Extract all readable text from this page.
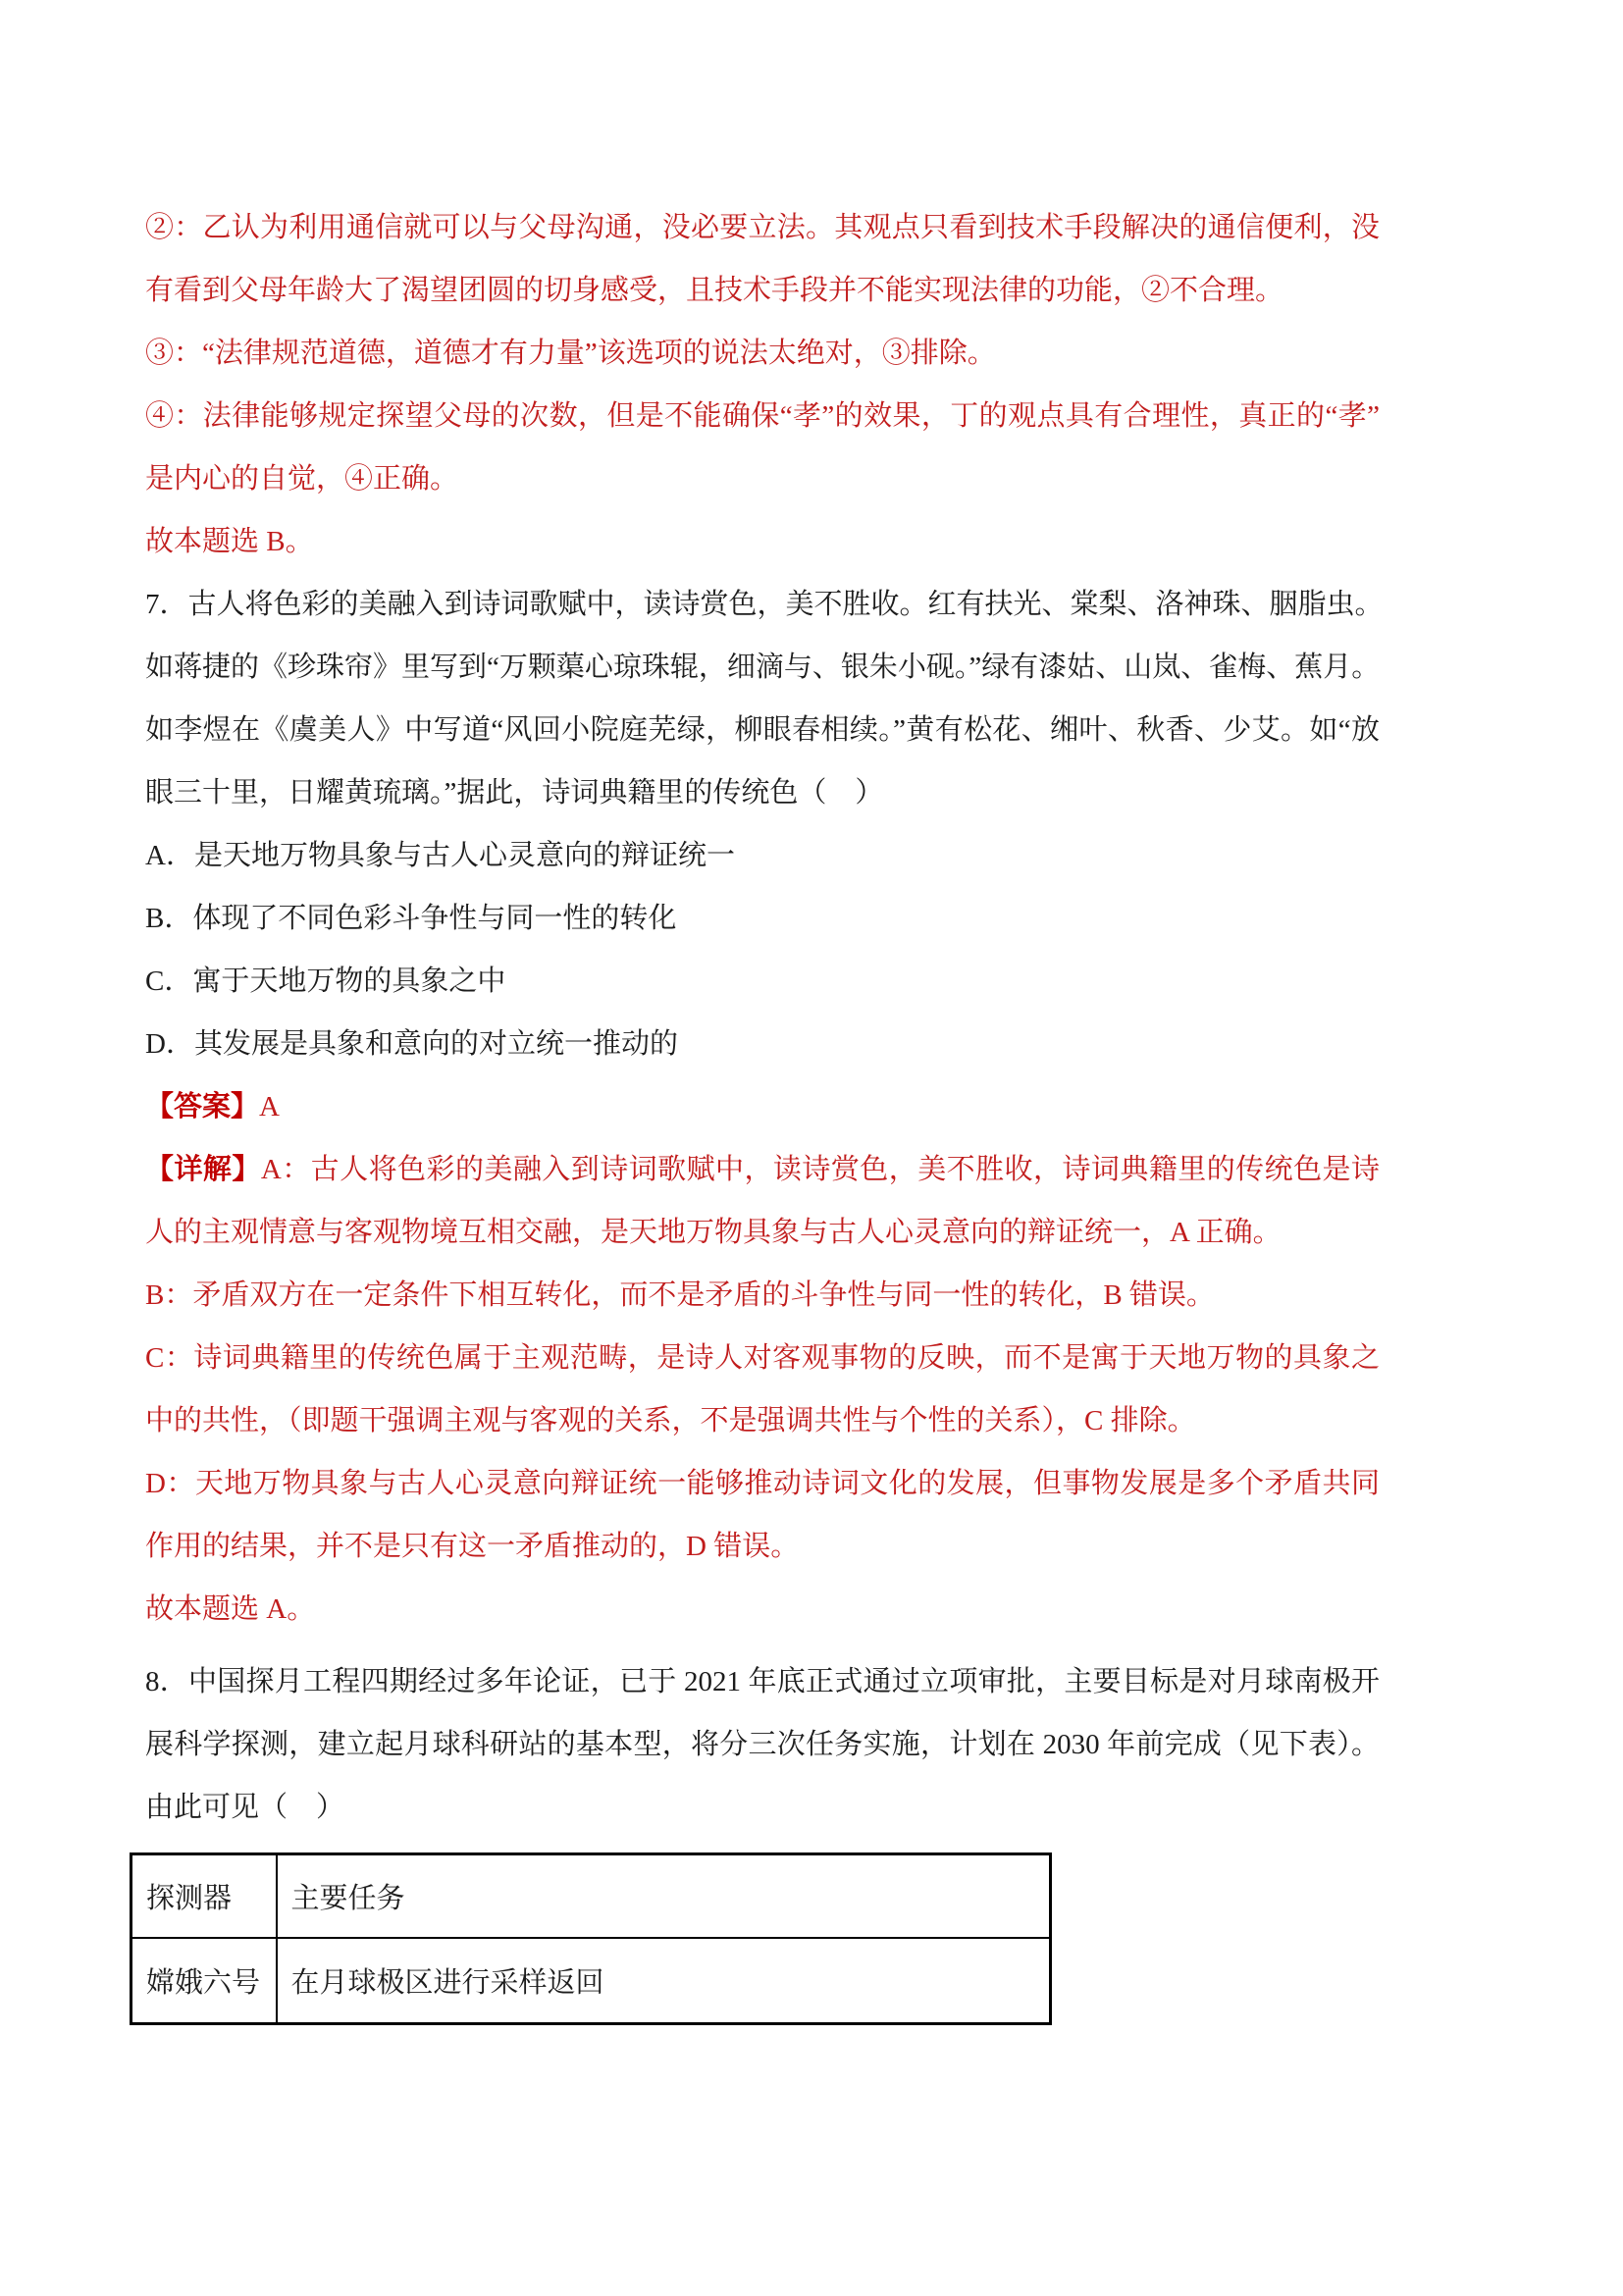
②：乙认为利用通信就可以与父母沟通，没必要立法。其观点只看到技术手段解决的通信便利，没
有看到父母年龄大了渴望团圆的切身感受，且技术手段并不能实现法律的功能，②不合理。
③：“法律规范道德，道德才有力量”该选项的说法太绝对，③排除。
④：法律能够规定探望父母的次数，但是不能确保“孝”的效果，丁的观点具有合理性，真正的“孝”
是内心的自觉，④正确。
故本题选 B。
7．古人将色彩的美融入到诗词歌赋中，读诗赏色，美不胜收。红有扶光、棠梨、洛神珠、胭脂虫。
如蒋捷的《珍珠帘》里写到“万颗蕖心琼珠辊，细滴与、银朱小砚。”绿有漆姑、山岚、雀梅、蕉月。
如李煜在《虞美人》中写道“风回小院庭芜绿，柳眼春相续。”黄有松花、缃叶、秋香、少艾。如“放
眼三十里，日耀黄琉璃。”据此，诗词典籍里的传统色（　）
A．是天地万物具象与古人心灵意向的辩证统一
B．体现了不同色彩斗争性与同一性的转化
C．寓于天地万物的具象之中
D．其发展是具象和意向的对立统一推动的
【答案】A
【详解】A：古人将色彩的美融入到诗词歌赋中，读诗赏色，美不胜收，诗词典籍里的传统色是诗
人的主观情意与客观物境互相交融，是天地万物具象与古人心灵意向的辩证统一，A 正确。
B：矛盾双方在一定条件下相互转化，而不是矛盾的斗争性与同一性的转化，B 错误。
C：诗词典籍里的传统色属于主观范畴，是诗人对客观事物的反映，而不是寓于天地万物的具象之
中的共性，（即题干强调主观与客观的关系，不是强调共性与个性的关系），C 排除。
D：天地万物具象与古人心灵意向辩证统一能够推动诗词文化的发展，但事物发展是多个矛盾共同
作用的结果，并不是只有这一矛盾推动的，D 错误。
故本题选 A。
8．中国探月工程四期经过多年论证，已于 2021 年底正式通过立项审批，主要目标是对月球南极开
展科学探测，建立起月球科研站的基本型，将分三次任务实施，计划在 2030 年前完成（见下表）。
由此可见（　）
探测器	主要任务
嫦娥六号	在月球极区进行采样返回
